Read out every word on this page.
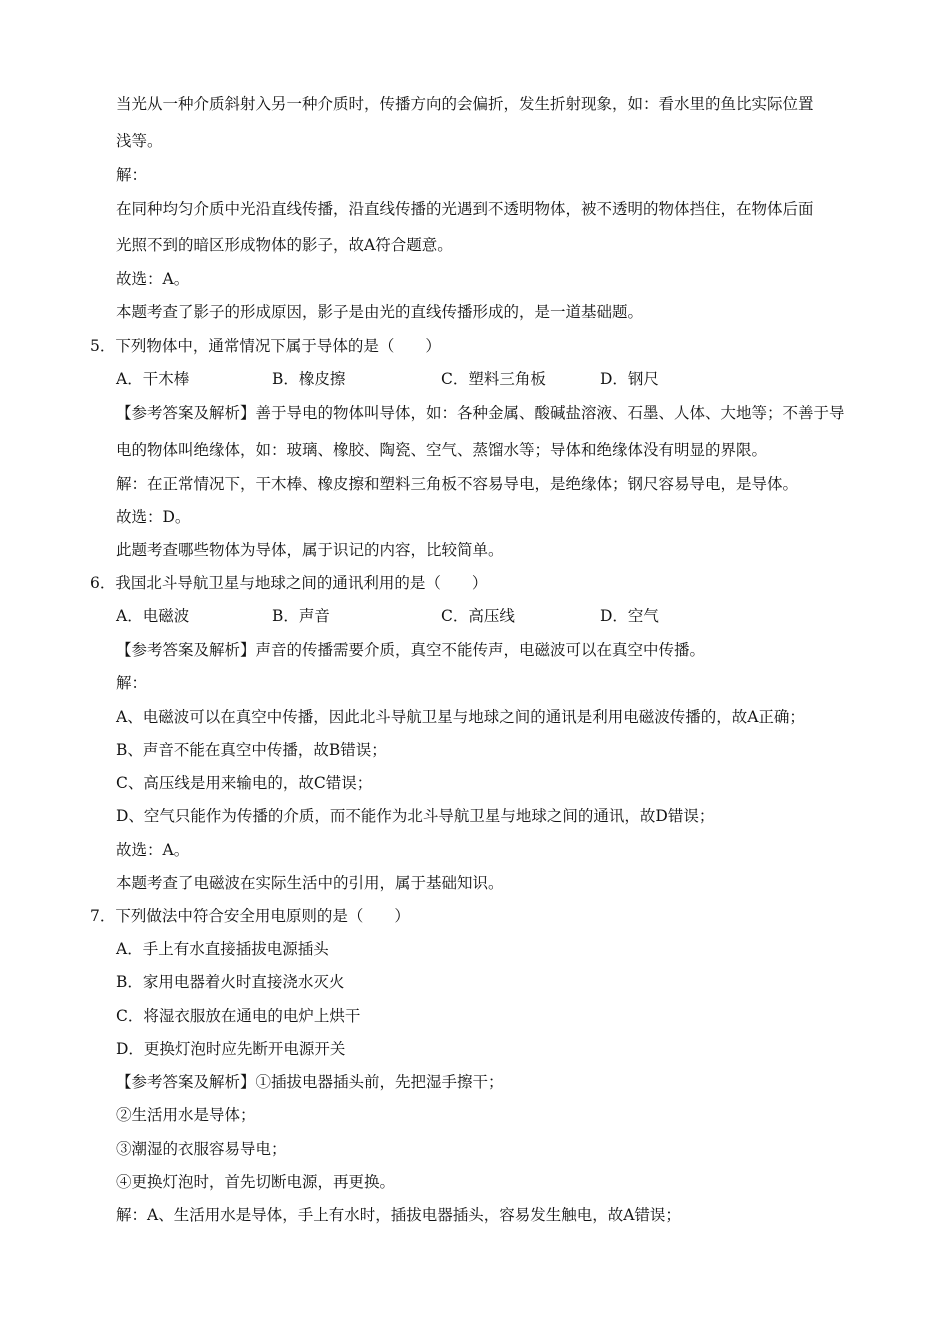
当光从一种介质斜射入另一种介质时，传播方向的会偏折，发生折射现象，如：看水里的鱼比实际位置
浅等。
解：
在同种均匀介质中光沿直线传播，沿直线传播的光遇到不透明物体，被不透明的物体挡住，在物体后面
光照不到的暗区形成物体的影子，故A符合题意。
故选：A。
本题考查了影子的形成原因，影子是由光的直线传播形成的，是一道基础题。
5．下列物体中，通常情况下属于导体的是（　　）
A．干木棒	B．橡皮擦	C．塑料三角板	D．钢尺
【参考答案及解析】善于导电的物体叫导体，如：各种金属、酸碱盐溶液、石墨、人体、大地等；不善于导
电的物体叫绝缘体，如：玻璃、橡胶、陶瓷、空气、蒸馏水等；导体和绝缘体没有明显的界限。
解：在正常情况下，干木棒、橡皮擦和塑料三角板不容易导电，是绝缘体；钢尺容易导电，是导体。
故选：D。
此题考查哪些物体为导体，属于识记的内容，比较简单。
6．我国北斗导航卫星与地球之间的通讯利用的是（　　）
A．电磁波	B．声音	C．高压线	D．空气
【参考答案及解析】声音的传播需要介质，真空不能传声，电磁波可以在真空中传播。
解：
A、电磁波可以在真空中传播，因此北斗导航卫星与地球之间的通讯是利用电磁波传播的，故A正确；
B、声音不能在真空中传播，故B错误；
C、高压线是用来输电的，故C错误；
D、空气只能作为传播的介质，而不能作为北斗导航卫星与地球之间的通讯，故D错误；
故选：A。
本题考查了电磁波在实际生活中的引用，属于基础知识。
7．下列做法中符合安全用电原则的是（　　）
A．手上有水直接插拔电源插头
B．家用电器着火时直接浇水灭火
C．将湿衣服放在通电的电炉上烘干
D．更换灯泡时应先断开电源开关
【参考答案及解析】①插拔电器插头前，先把湿手擦干；
②生活用水是导体；
③潮湿的衣服容易导电；
④更换灯泡时，首先切断电源，再更换。
解：A、生活用水是导体，手上有水时，插拔电器插头，容易发生触电，故A错误；
